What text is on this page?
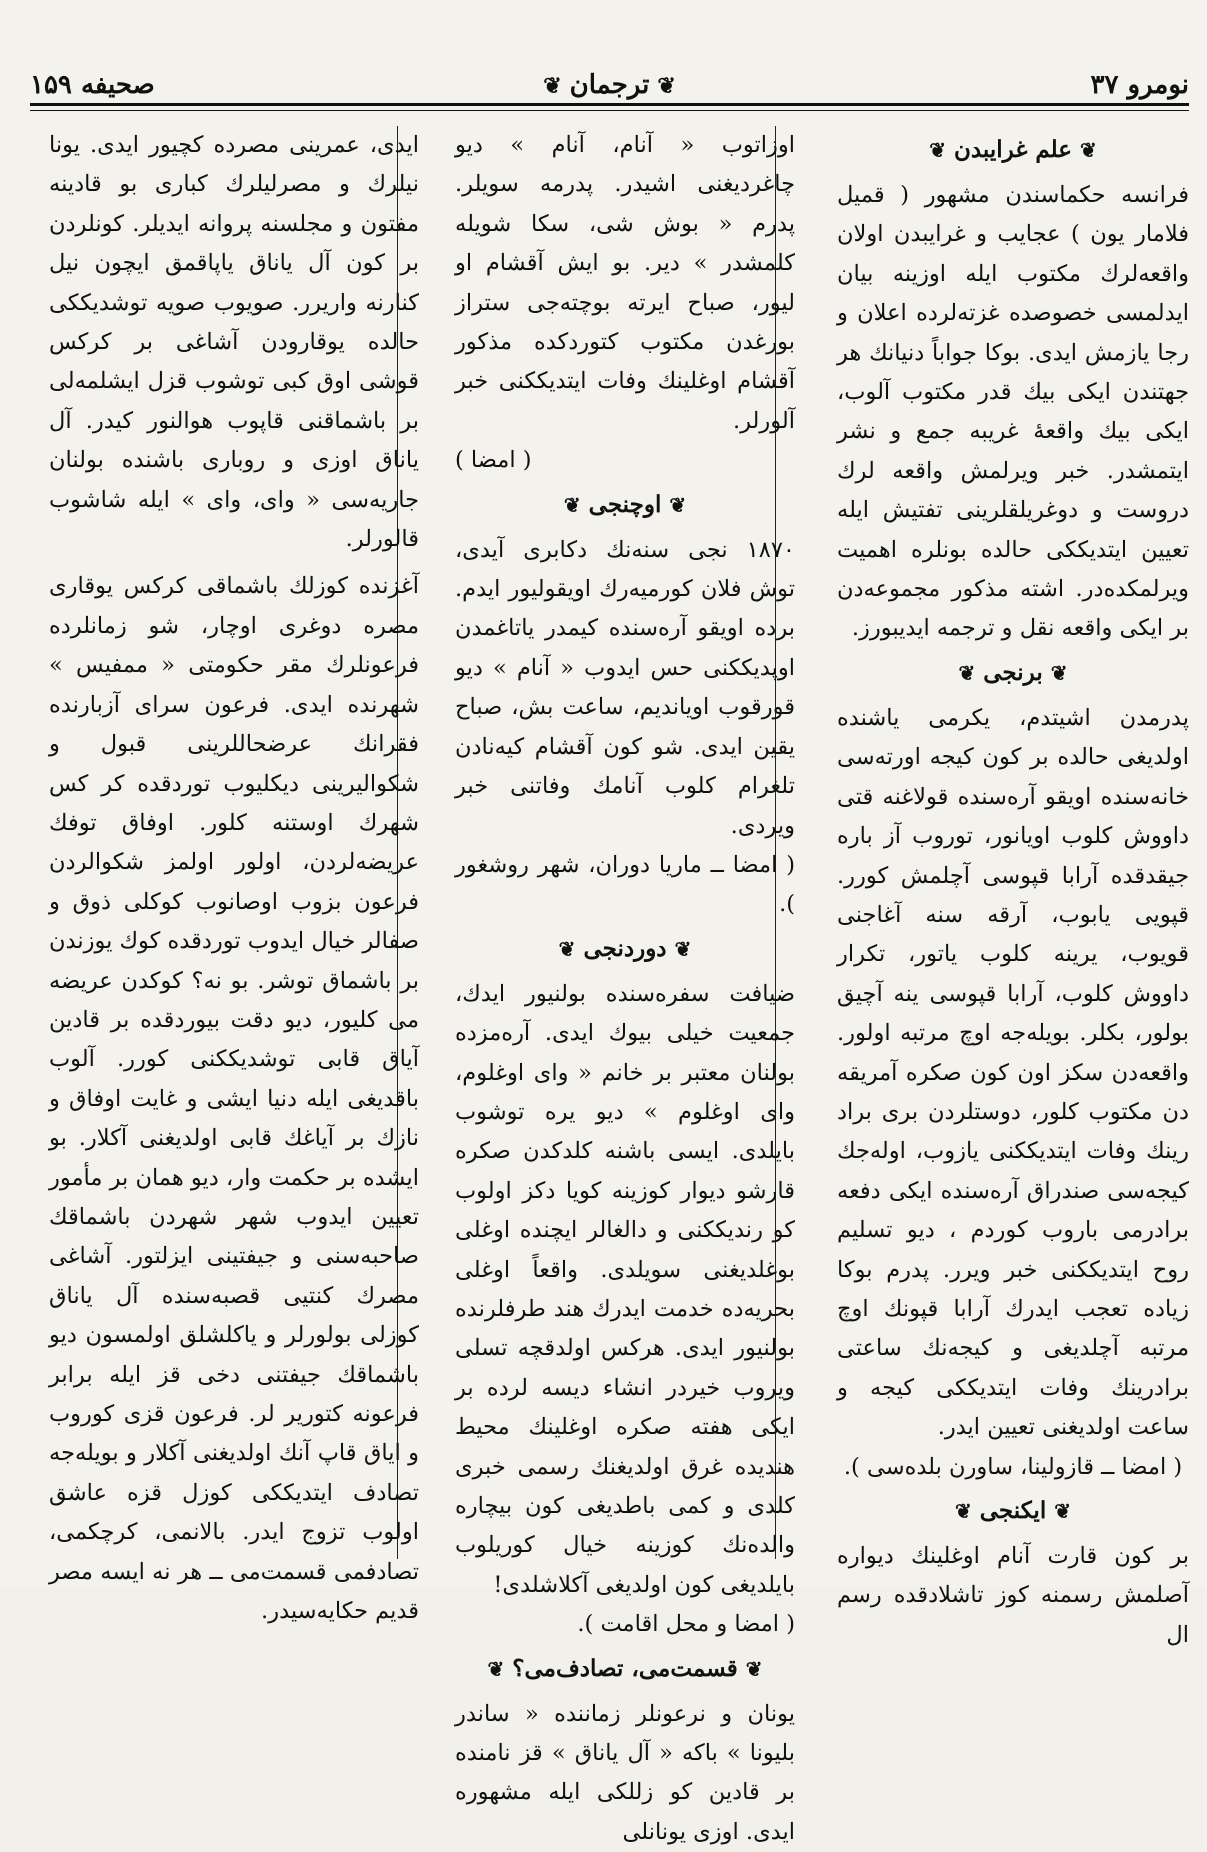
نومرو ۳۷
❦ترجمان❦
صحيفه ۱۵۹
❦علم غرايبدن❦

فرانسه حكماسندن مشهور ( قميل فلامار يون ) عجايب و غرايبدن اولان واقعه‌لرك مكتوب ايله اوزينه بيان ايدلمسى خصوصده غزته‌لرده اعلان و رجا يازمش ايدى. بوكا جواباً دنيانك هر جهتندن ايكى بيك قدر مكتوب آلوب، ايكى بيك واقعهٔ غريبه جمع و نشر ايتمشدر. خبر ويرلمش واقعه لرك دروست و دوغريلقلرينى تفتيش ايله تعيين ايتديككى حالده بونلره اهميت ويرلمكده‌در. اشته مذكور مجموعه‌دن بر ايكى واقعه نقل و ترجمه ايديبورز.

❦برنجى❦

پدرمدن اشيتدم، يكرمى ياشنده اولديغى حالده بر كون كيجه اورته‌سى خانه‌سنده اويقو آره‌سنده قولاغنه قتى داووش كلوب اويانور، توروب آز باره جيقدقده آرابا قپوسى آچلمش كورر. قپويى يابوب، آرقه سنه آغاجنى قويوب، يرينه كلوب ياتور، تكرار داووش كلوب، آرابا قپوسى ينه آچيق بولور، بكلر. بويله‌جه اوچ مرتبه اولور. واقعه‌دن سكز اون كون صكره آمريقه دن مكتوب كلور، دوستلردن برى براد رينك وفات ايتديككنى يازوب، اوله‌جك كيجه‌سى صندراق آره‌سنده ايكى دفعه برادرمى باروب كوردم ، ديو تسليم روح ايتديككنى خبر ويرر. پدرم بوكا زياده تعجب ايدرك آرابا قپونك اوچ مرتبه آچلديغى و كيجه‌نك ساعتى برادرينك وفات ايتديككى كيجه و ساعت اولديغنى تعيين ايدر.

( امضا ــ قازولينا، ساورن بلده‌سى ).

❦ايكنجى❦

بر كون قارت آنام اوغلينك ديواره آصلمش رسمنه كوز تاشلادقده رسم ال

اوزاتوب « آنام، آنام » ديو چاغرديغنى اشيدر. پدرمه سويلر. پدرم « بوش شى، سكا شويله كلمشدر » دير. بو ايش آقشام او ليور، صباح ايرته بوچته‌جى ستراز بورغدن مكتوب كتوردكده مذكور آقشام اوغلينك وفات ايتديككنى خبر آلورلر.

( امضا )

❦اوچنجى❦

۱۸۷۰ نجى سنه‌نك دكابرى آيدى، توش فلان كورميه‌رك اويقوليور ايدم. برده اويقو آره‌سنده كيمدر ياتاغمدن اوپديككنى حس ايدوب « آنام » ديو قورقوب اويانديم، ساعت بش، صباح يقين ايدى. شو كون آقشام كيه‌نادن تلغرام كلوب آنامك وفاتنى خبر ويردى.

( امضا ــ ماريا دوران، شهر روشغور ).

❦دوردنجى❦

ضيافت سفره‌سنده بولنيور ايدك، جمعيت خيلى بيوك ايدى. آره‌مزده بولنان معتبر بر خانم « واى اوغلوم، واى اوغلوم » ديو يره توشوب بايلدى. ايسى باشنه كلدكدن صكره قارشو ديوار كوزينه كويا دكز اولوب كو رنديككنى و دالغالر ايچنده اوغلى بوغلديغنى سويلدى. واقعاً اوغلى بحريه‌ده خدمت ايدرك هند طرفلرنده بولنيور ايدى. هركس اولدقچه تسلى ويروب خيردر انشاء ديسه لرده بر ايكى هفته صكره اوغلينك محيط هنديده غرق اولديغنك رسمى خبرى كلدى و كمى باطديغى كون بيچاره والده‌نك كوزينه خيال كوريلوب بايلديغى كون اولديغى آكلاشلدى!

( امضا و محل اقامت ).

❦قسمت‌مى، تصادف‌مى؟❦

يونان و نرعونلر زماننده « ساندر بليونا » باكه « آل ياناق » قز نامنده بر قادين كو زللكى ايله مشهوره ايدى. اوزى يونانلى

ايدى، عمرينى مصرده كچيور ايدى. يونا نيلرك و مصرليلرك كبارى بو قادينه مفتون و مجلسنه پروانه ايديلر. كونلردن بر كون آل ياناق ياپاقمق ايچون نيل كنارنه واريرر. صويوب صويه توشديككى حالده يوقارودن آشاغى بر كركس قوشى اوق كبى توشوب قزل ايشلمه‌لى بر باشماقنى قاپوب هوالنور كيدر. آل ياناق اوزى و روبارى باشنده بولنان جاريه‌سى « واى، واى » ايله شاشوب قالورلر.

آغزنده كوزلك باشماقى كركس يوقارى مصره دوغرى اوچار، شو زمانلرده فرعونلرك مقر حكومتى « ممفيس » شهرنده ايدى. فرعون سراى آزبارنده فقرانك عرضحاللرينى قبول و شكواليرينى ديكليوب توردقده كر كس شهرك اوستنه كلور. اوفاق توفك عريضه‌لردن، اولور اولمز شكوالردن فرعون بزوب اوصانوب كوكلى ذوق و صفالر خيال ايدوب توردقده كوك يوزندن بر باشماق توشر. بو نه؟ كوكدن عريضه مى كليور، ديو دقت بيوردقده بر قادين آياق قابى توشديككنى كورر. آلوب باقديغى ايله دنيا ايشى و غايت اوفاق و نازك بر آياغك قابى اولديغنى آكلار. بو ايشده بر حكمت وار، ديو همان بر مأمور تعيين ايدوب شهر شهردن باشماقك صاحبه‌سنى و جيفتينى ايزلتور. آشاغى مصرك كنتيى قصبه‌سنده آل ياناق كوزلى بولورلر و ياكلشلق اولمسون ديو باشماقك جيفتنى دخى قز ايله برابر فرعونه كتورير لر. فرعون قزى كوروب و اياق قاپ آنك اولديغنى آكلار و بويله‌جه تصادف ايتديككى كوزل قزه عاشق اولوب تزوج ايدر. بالانمى، كرچكمى، تصادفمى قسمت‌مى ــ هر نه ايسه مصر قديم حكايه‌سيدر.
